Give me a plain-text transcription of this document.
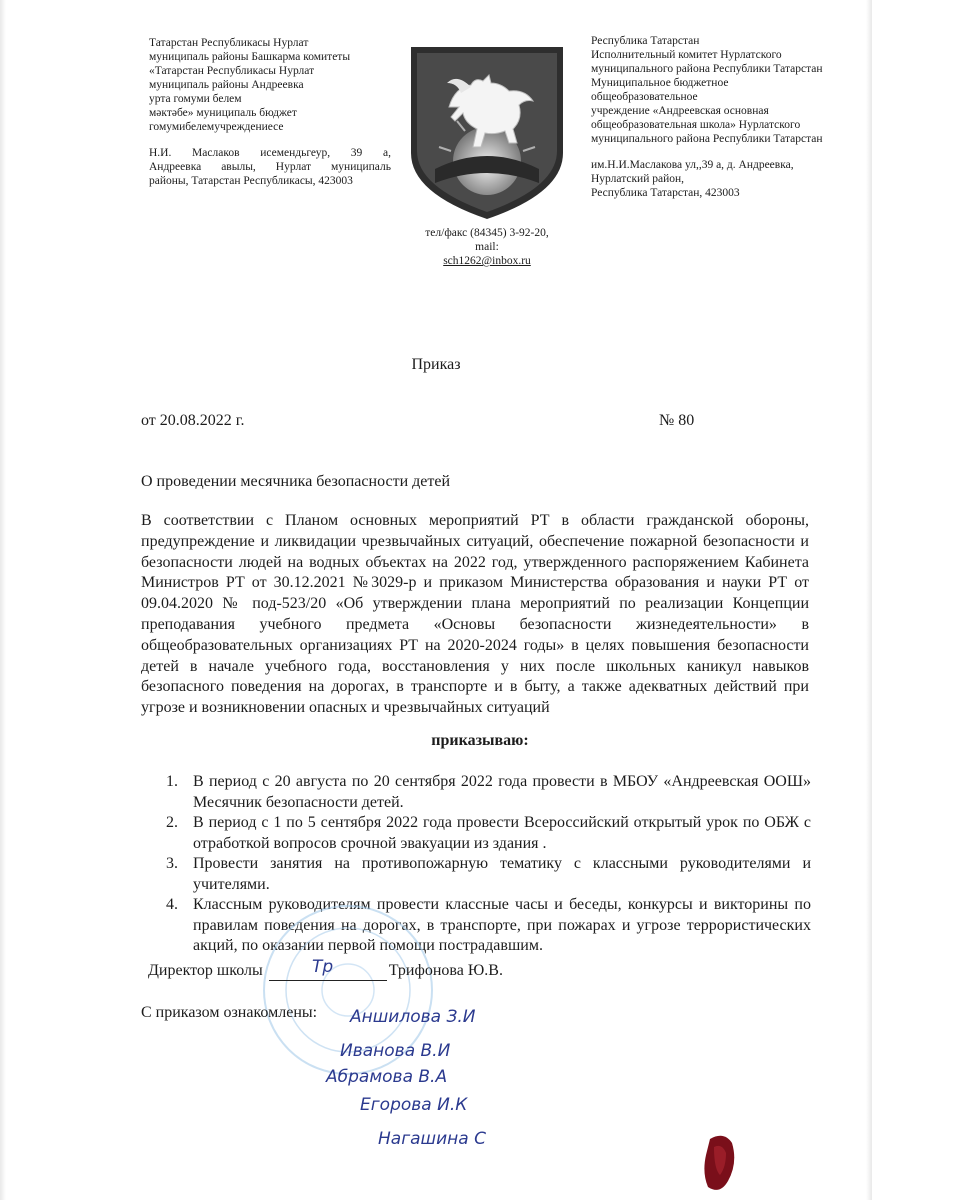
Татарстан Республикасы Нурлат
муниципаль районы Башкарма комитеты
«Татарстан Республикасы Нурлат
муниципаль районы Андреевка
урта гомуми белем
мәктәбе» муниципаль бюджет
гомумибелемучреждениесе
Н.И. Маслаков исемендьгеур, 39 а,
Андреевка авылы, Нурлат муниципаль
районы, Татарстан Республикасы, 423003
тел/факс (84345) 3-92-20,
mail:
sch1262@inbox.ru
Республика Татарстан
Исполнительный комитет Нурлатского
муниципального района Республики Татарстан
Муниципальное бюджетное
общеобразовательное
учреждение «Андреевская основная
общеобразовательная школа» Нурлатского
муниципального района Республики Татарстан
им.Н.И.Маслакова ул,,39 а, д. Андреевка,
Нурлатский район,
Республика Татарстан, 423003
Приказ
от 20.08.2022 г.	№ 80
О проведении месячника безопасности детей
В соответствии с Планом основных мероприятий РТ в области гражданской обороны, предупреждение и ликвидации чрезвычайных ситуаций, обеспечение пожарной безопасности и безопасности людей на водных объектах на 2022 год, утвержденного распоряжением Кабинета Министров РТ от 30.12.2021 №3029-р и приказом Министерства образования и науки РТ от 09.04.2020 № под-523/20 «Об утверждении плана мероприятий по реализации Концепции преподавания учебного предмета «Основы безопасности жизнедеятельности» в общеобразовательных организациях РТ на 2020-2024 годы» в целях повышения безопасности детей в начале учебного года, восстановления у них после школьных каникул навыков безопасного поведения на дорогах, в транспорте и в быту, а также адекватных действий при угрозе и возникновении опасных и чрезвычайных ситуаций
приказываю:
1. В период с 20 августа по 20 сентября 2022 года провести в МБОУ «Андреевская ООШ» Месячник безопасности детей.
2. В период с 1 по 5 сентября 2022 года провести Всероссийский открытый урок по ОБЖ с отработкой вопросов срочной эвакуации из здания .
3. Провести занятия на противопожарную тематику с классными руководителями и учителями.
4. Классным руководителям провести классные часы и беседы, конкурсы и викторины по правилам поведения на дорогах, в транспорте, при пожарах и угрозе террористических акций, по оказании первой помощи пострадавшим.
Директор школы	Трифонова Ю.В.
С приказом ознакомлены:
Тр
Аншилова З.И
Иванова В.И
Абрамова В.А
Егорова И.К
Нагашина С
